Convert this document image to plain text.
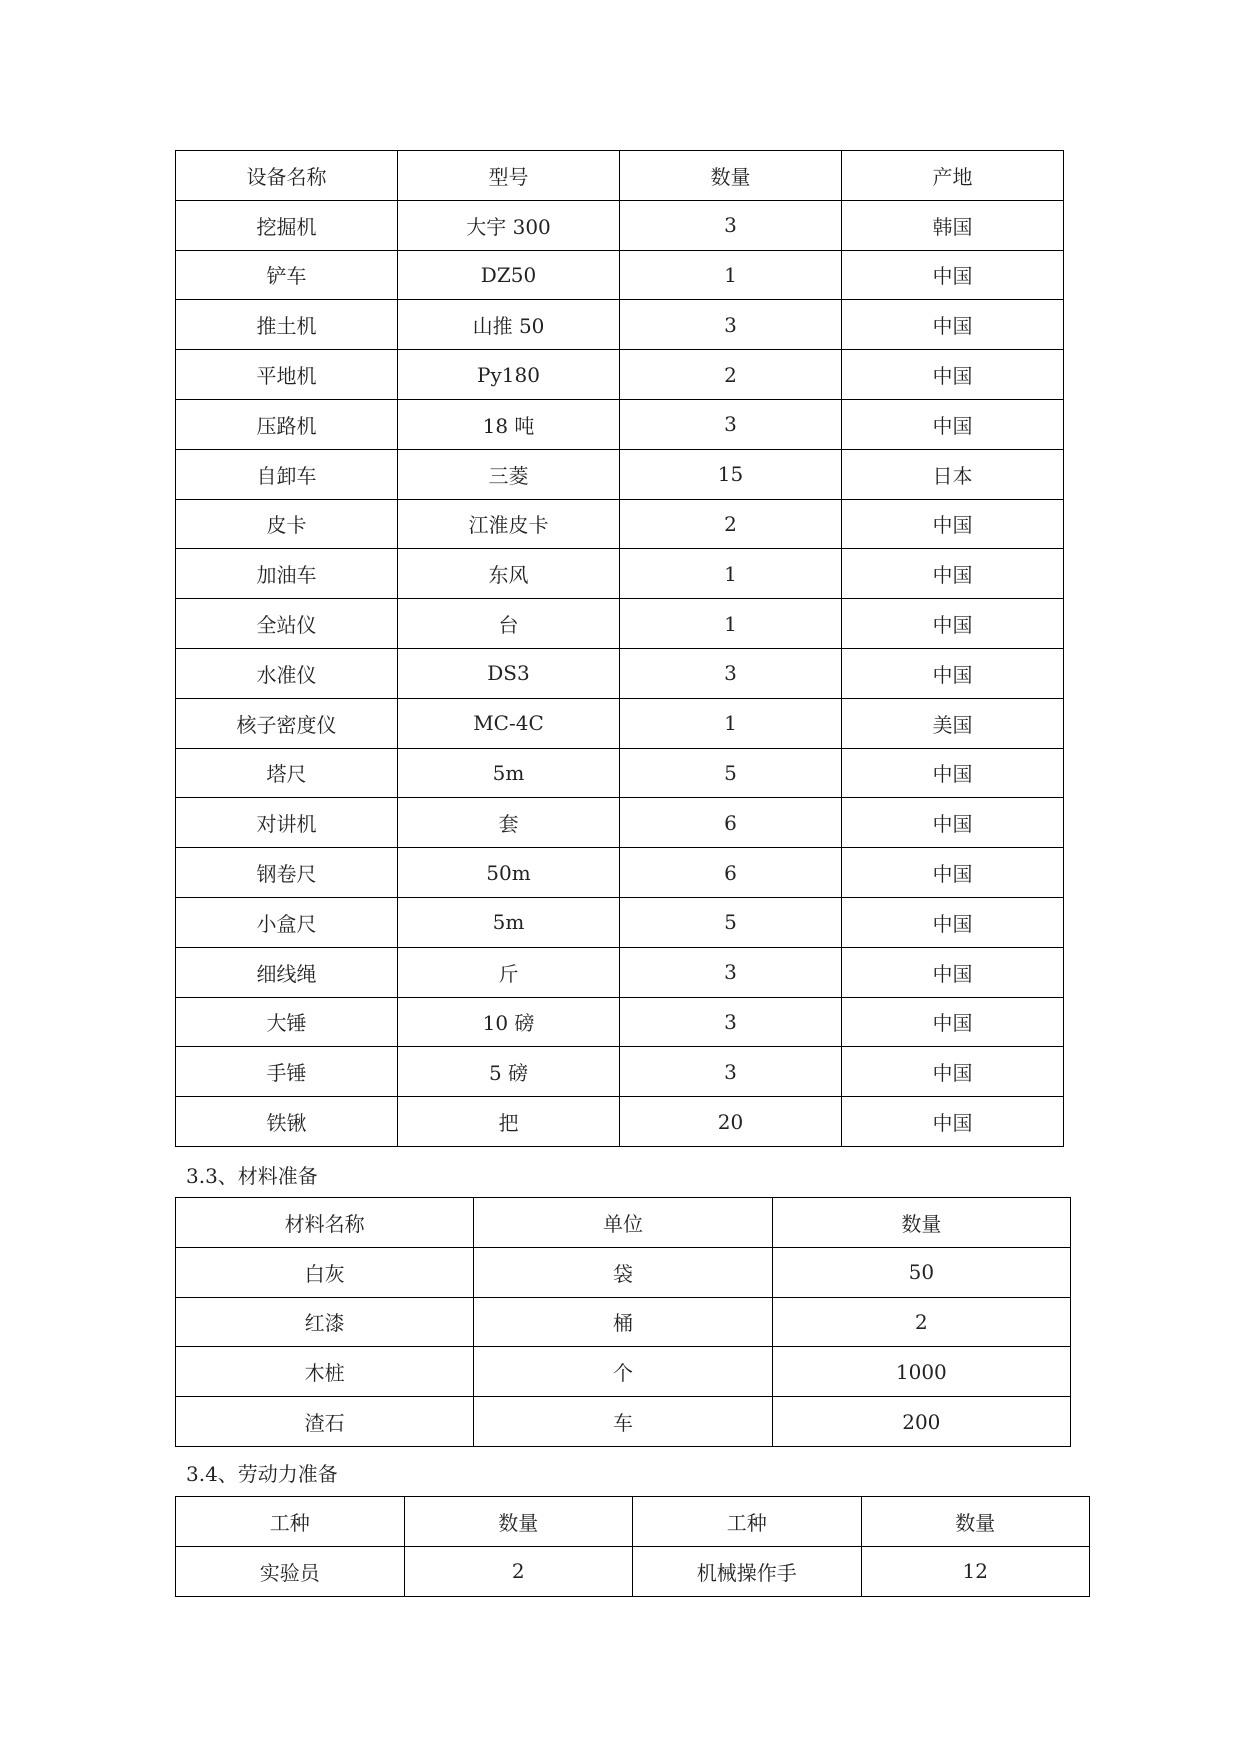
设备名称	型号	数量	产地
挖掘机	大宇 300	3	韩国
铲车	DZ50	1	中国
推土机	山推 50	3	中国
平地机	Py180	2	中国
压路机	18 吨	3	中国
自卸车	三菱	15	日本
皮卡	江淮皮卡	2	中国
加油车	东风	1	中国
全站仪	台	1	中国
水准仪	DS3	3	中国
核子密度仪	MC-4C	1	美国
塔尺	5m	5	中国
对讲机	套	6	中国
钢卷尺	50m	6	中国
小盒尺	5m	5	中国
细线绳	斤	3	中国
大锤	10 磅	3	中国
手锤	5 磅	3	中国
铁锹	把	20	中国
3.3、材料准备
材料名称	单位	数量
白灰	袋	50
红漆	桶	2
木桩	个	1000
渣石	车	200
3.4、劳动力准备
工种	数量	工种	数量
实验员	2	机械操作手	12
